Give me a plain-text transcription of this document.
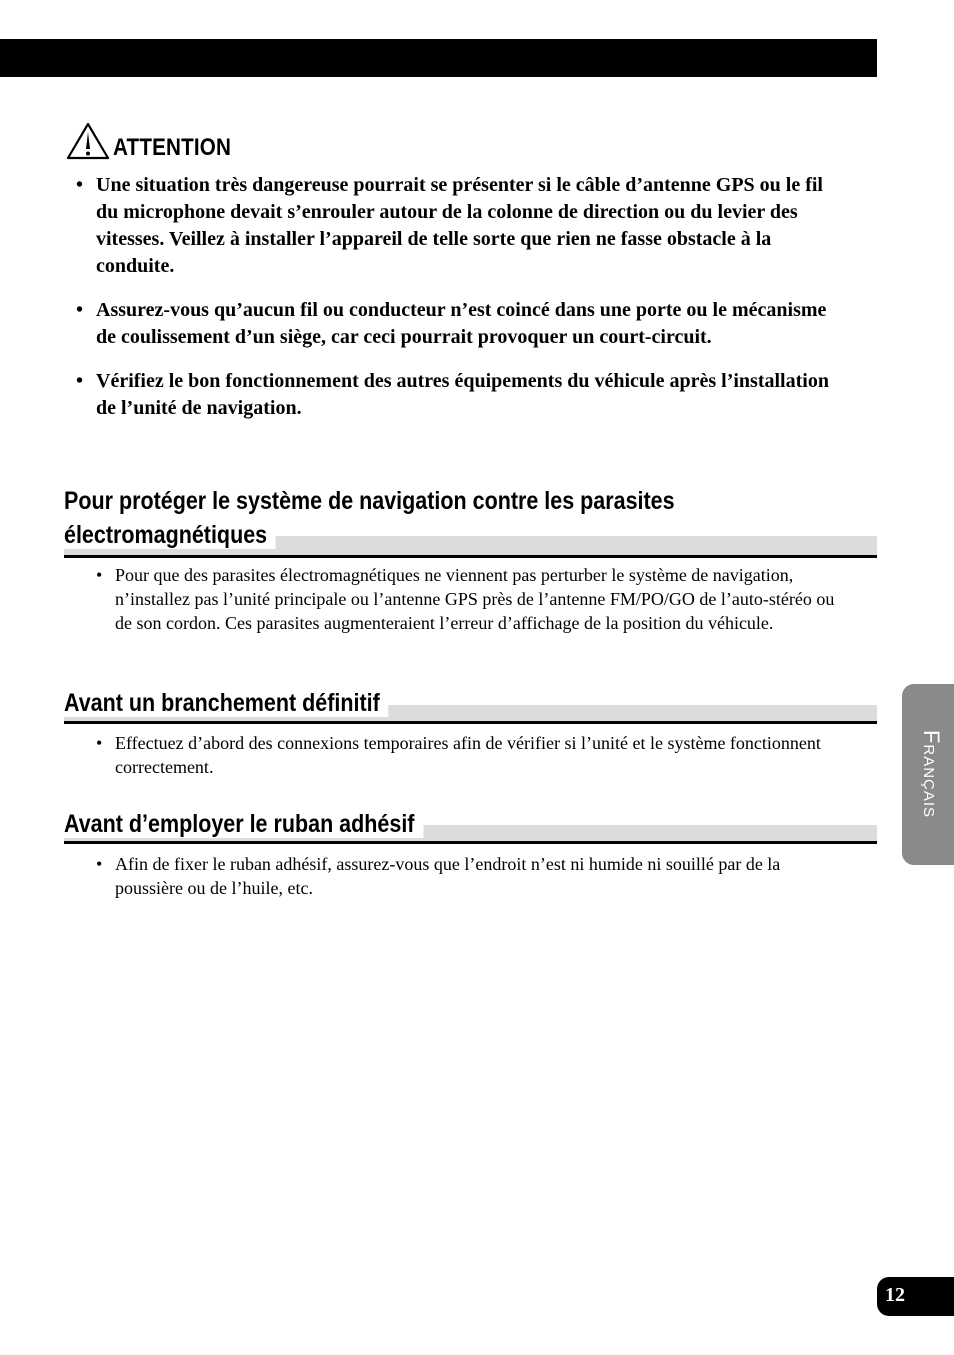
ATTENTION
• Une situation très dangereuse pourrait se présenter si le câble d’antenne GPS ou le fil du microphone devait s’enrouler autour de la colonne de direction ou du levier des vitesses. Veillez à installer l’appareil de telle sorte que rien ne fasse obstacle à la conduite.
• Assurez-vous qu’aucun fil ou conducteur n’est coincé dans une porte ou le mécanisme de coulissement d’un siège, car ceci pourrait provoquer un court-circuit.
• Vérifiez le bon fonctionnement des autres équipements du véhicule après l’installation de l’unité de navigation.
Pour protéger le système de navigation contre les parasites
électromagnétiques
• Pour que des parasites électromagnétiques ne viennent pas perturber le système de navigation, n’installez pas l’unité principale ou l’antenne GPS près de l’antenne FM/PO/GO de l’auto-stéréo ou de son cordon. Ces parasites augmenteraient l’erreur d’affichage de la position du véhicule.
Avant un branchement définitif
• Effectuez d’abord des connexions temporaires afin de vérifier si l’unité et le système fonctionnent correctement.
Avant d’employer le ruban adhésif
• Afin de fixer le ruban adhésif, assurez-vous que l’endroit n’est ni humide ni souillé par de la poussière ou de l’huile, etc.
Français
12
